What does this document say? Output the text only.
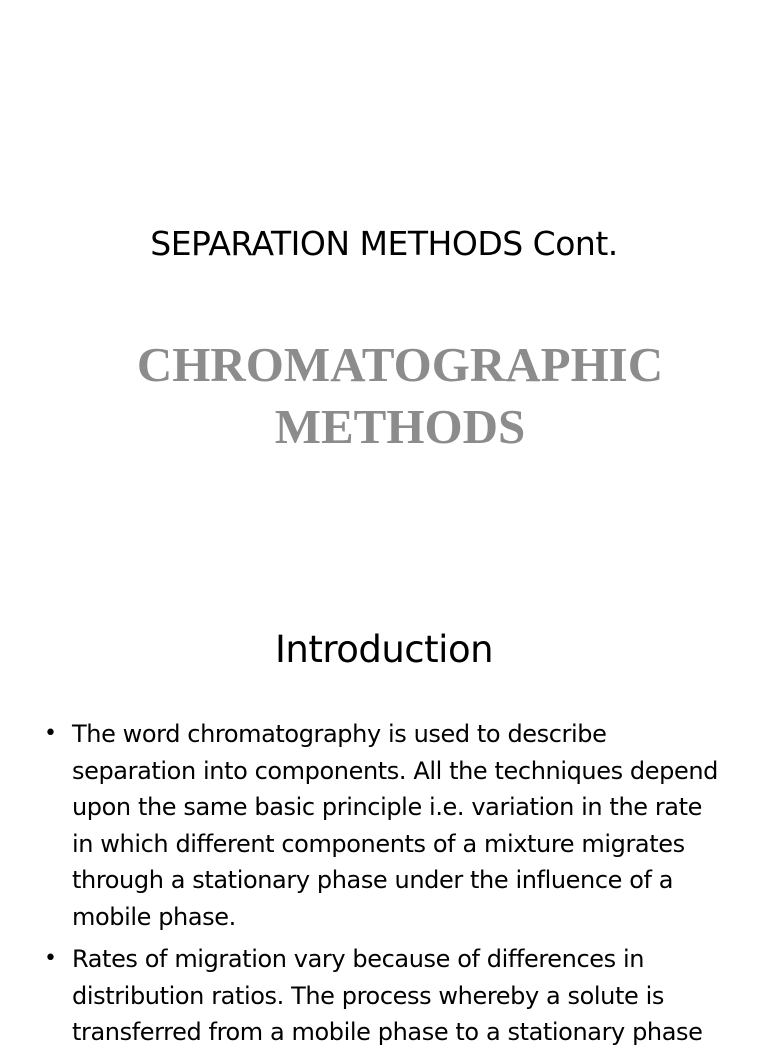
SEPARATION METHODS Cont.
CHROMATOGRAPHIC METHODS
Introduction
• The word chromatography is used to describe separation into components. All the techniques depend upon the same basic principle i.e. variation in the rate in which different components of a mixture migrates through a stationary phase under the influence of a mobile phase.
• Rates of migration vary because of differences in distribution ratios. The process whereby a solute is transferred from a mobile phase to a stationary phase
